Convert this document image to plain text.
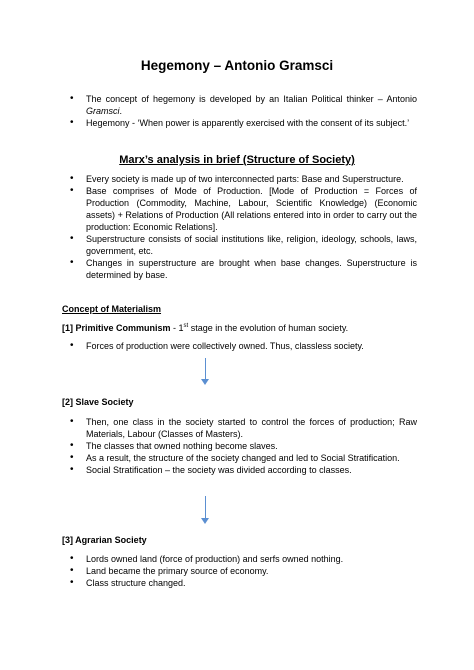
Hegemony – Antonio Gramsci
• The concept of hegemony is developed by an Italian Political thinker – Antonio Gramsci.
• Hegemony - ‘When power is apparently exercised with the consent of its subject.’
Marx’s analysis in brief (Structure of Society)
• Every society is made up of two interconnected parts: Base and Superstructure.
• Base comprises of Mode of Production. [Mode of Production = Forces of Production (Commodity, Machine, Labour, Scientific Knowledge) (Economic assets) + Relations of Production (All relations entered into in order to carry out the production: Economic Relations].
• Superstructure consists of social institutions like, religion, ideology, schools, laws, government, etc.
• Changes in superstructure are brought when base changes. Superstructure is determined by base.
Concept of Materialism
[1] Primitive Communism - 1st stage in the evolution of human society.
• Forces of production were collectively owned. Thus, classless society.
[2] Slave Society
• Then, one class in the society started to control the forces of production; Raw Materials, Labour (Classes of Masters).
• The classes that owned nothing become slaves.
• As a result, the structure of the society changed and led to Social Stratification.
• Social Stratification – the society was divided according to classes.
[3] Agrarian Society
• Lords owned land (force of production) and serfs owned nothing.
• Land became the primary source of economy.
• Class structure changed.
